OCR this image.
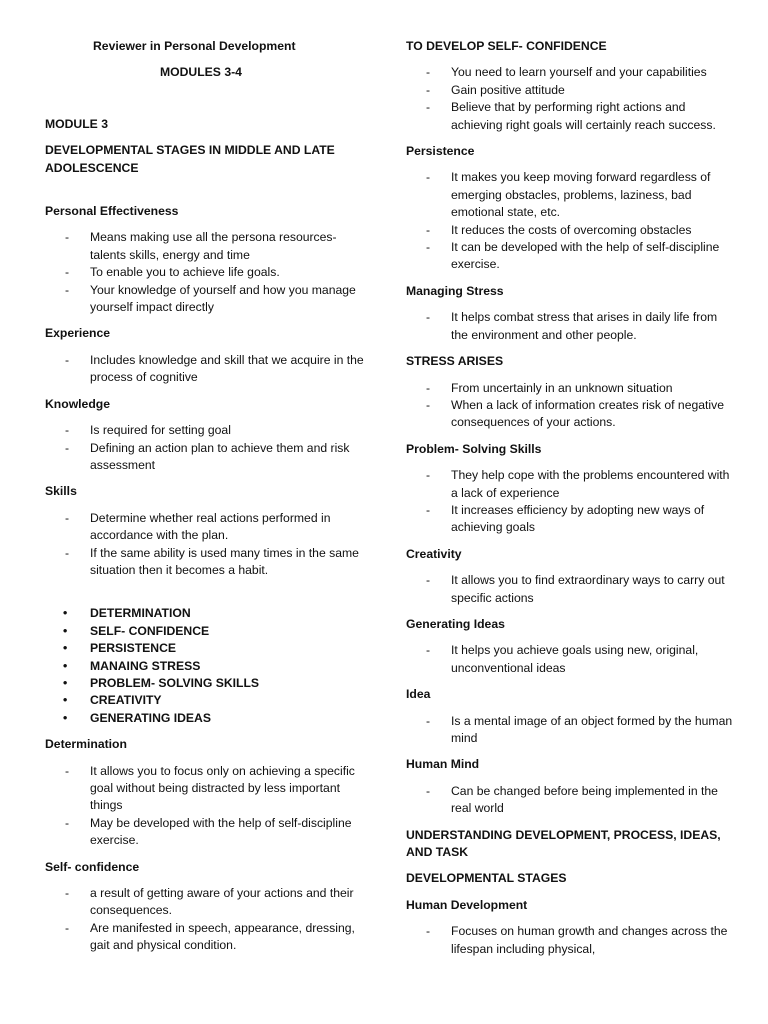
Reviewer in Personal Development

MODULES 3-4

MODULE 3

DEVELOPMENTAL STAGES IN MIDDLE AND LATE ADOLESCENCE

Personal Effectiveness

- Means making use all the persona resources- talents skills, energy and time
- To enable you to achieve life goals.
- Your knowledge of yourself and how you manage yourself impact directly

Experience

- Includes knowledge and skill that we acquire in the process of cognitive

Knowledge

- Is required for setting goal
- Defining an action plan to achieve them and risk assessment

Skills

- Determine whether real actions performed in accordance with the plan.
- If the same ability is used many times in the same situation then it becomes a habit.
• DETERMINATION
• SELF- CONFIDENCE
• PERSISTENCE
• MANAING STRESS
• PROBLEM- SOLVING SKILLS
• CREATIVITY
• GENERATING IDEAS

Determination

- It allows you to focus only on achieving a specific goal without being distracted by less important things
- May be developed with the help of self-discipline exercise.

Self- confidence

- a result of getting aware of your actions and their consequences.
- Are manifested in speech, appearance, dressing, gait and physical condition.

TO DEVELOP SELF- CONFIDENCE

- You need to learn yourself and your capabilities
- Gain positive attitude
- Believe that by performing right actions and achieving right goals will certainly reach success.

Persistence

- It makes you keep moving forward regardless of emerging obstacles, problems, laziness, bad emotional state, etc.
- It reduces the costs of overcoming obstacles
- It can be developed with the help of self-discipline exercise.

Managing Stress

- It helps combat stress that arises in daily life from the environment and other people.

STRESS ARISES

- From uncertainly in an unknown situation
- When a lack of information creates risk of negative consequences of your actions.

Problem- Solving Skills

- They help cope with the problems encountered with a lack of experience
- It increases efficiency by adopting new ways of achieving goals

Creativity

- It allows you to find extraordinary ways to carry out specific actions

Generating Ideas

- It helps you achieve goals using new, original, unconventional ideas

Idea

- Is a mental image of an object formed by the human mind

Human Mind

- Can be changed before being implemented in the real world

UNDERSTANDING DEVELOPMENT, PROCESS, IDEAS, AND TASK

DEVELOPMENTAL STAGES

Human Development

- Focuses on human growth and changes across the lifespan including physical,
